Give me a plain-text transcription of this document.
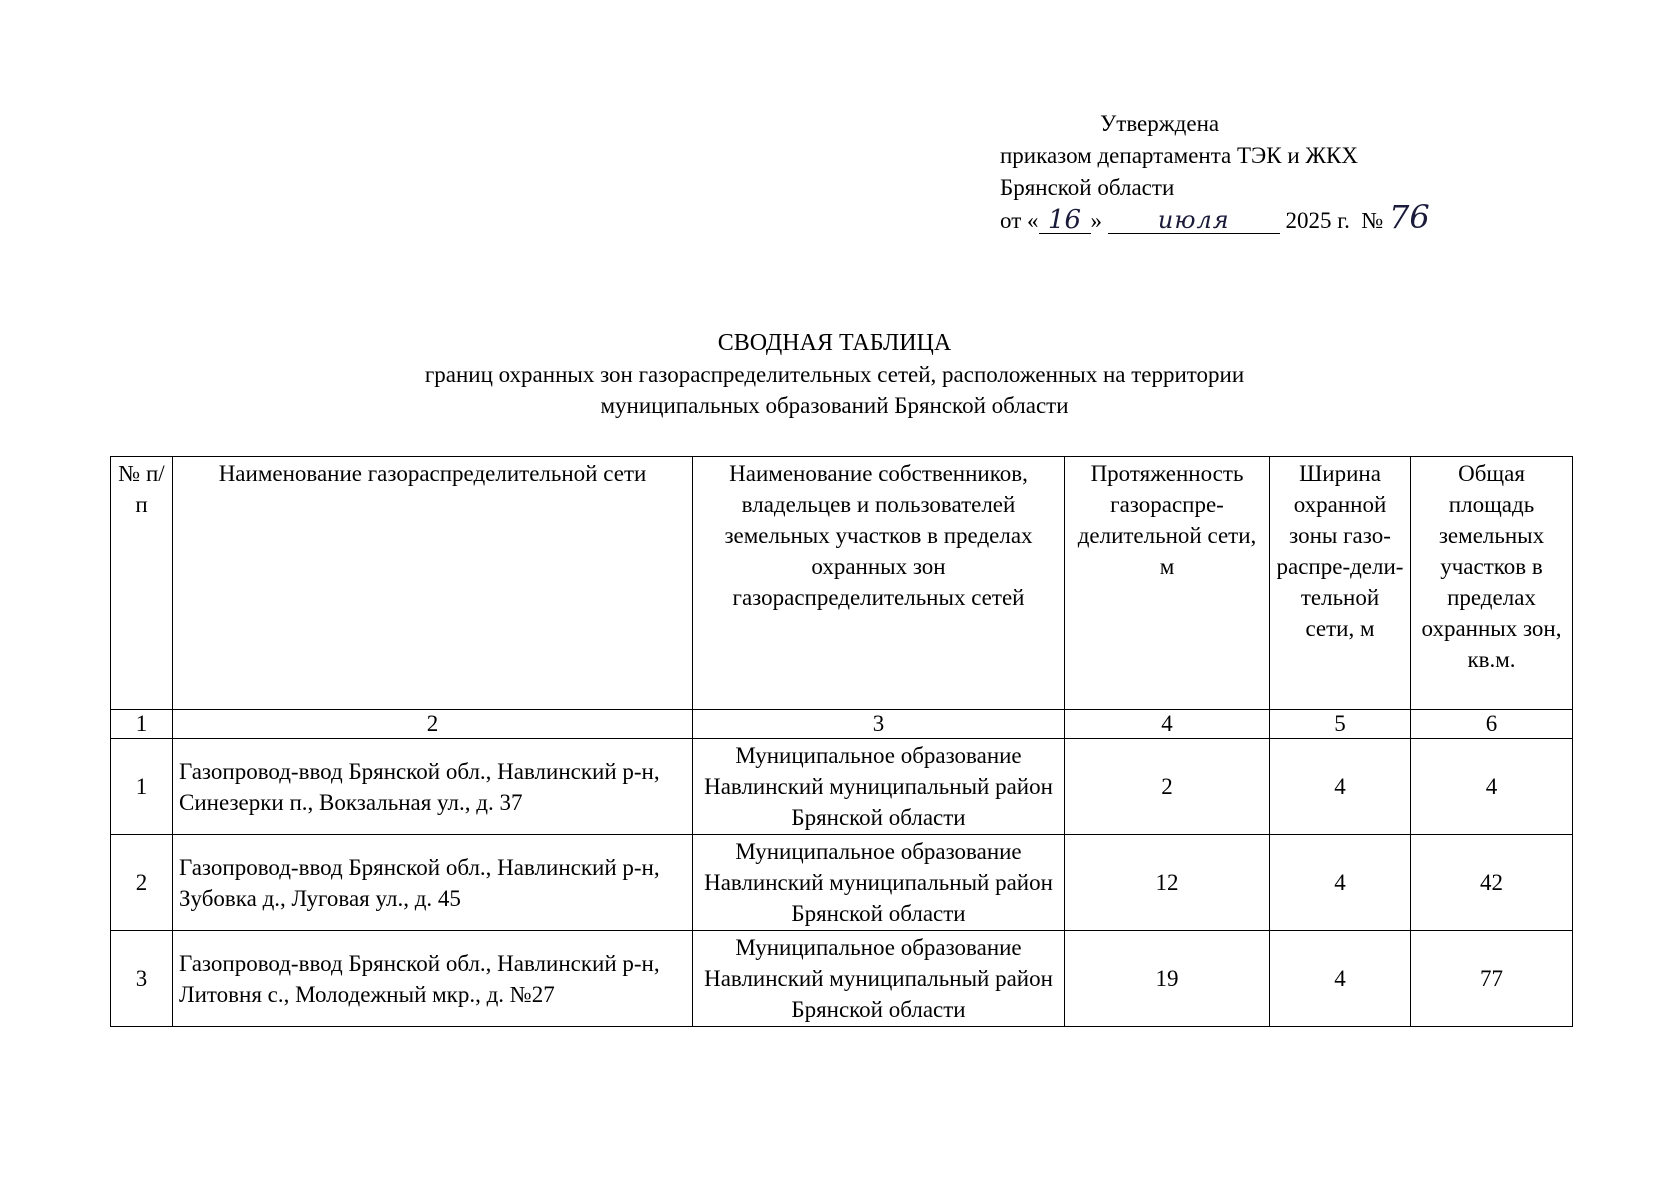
Утверждена
приказом департамента ТЭК и ЖКХ
Брянской области
от « 16 » июля 2025 г. № 76
СВОДНАЯ ТАБЛИЦА
границ охранных зон газораспределительных сетей, расположенных на территории
муниципальных образований Брянской области
№ п/п	Наименование газораспределительной сети	Наименование собственников, владельцев и пользователей земельных участков в пределах охранных зон газораспределительных сетей	Протяженность газораспре-делительной сети, м	Ширина охранной зоны газо-распре-дели-тельной сети, м	Общая площадь земельных участков в пределах охранных зон, кв.м.
1	2	3	4	5	6
1	Газопровод-ввод Брянской обл., Навлинский р-н, Синезерки п., Вокзальная ул., д. 37	Муниципальное образование Навлинский муниципальный район Брянской области	2	4	4
2	Газопровод-ввод Брянской обл., Навлинский р-н, Зубовка д., Луговая ул., д. 45	Муниципальное образование Навлинский муниципальный район Брянской области	12	4	42
3	Газопровод-ввод Брянской обл., Навлинский р-н, Литовня с., Молодежный мкр., д. №27	Муниципальное образование Навлинский муниципальный район Брянской области	19	4	77
